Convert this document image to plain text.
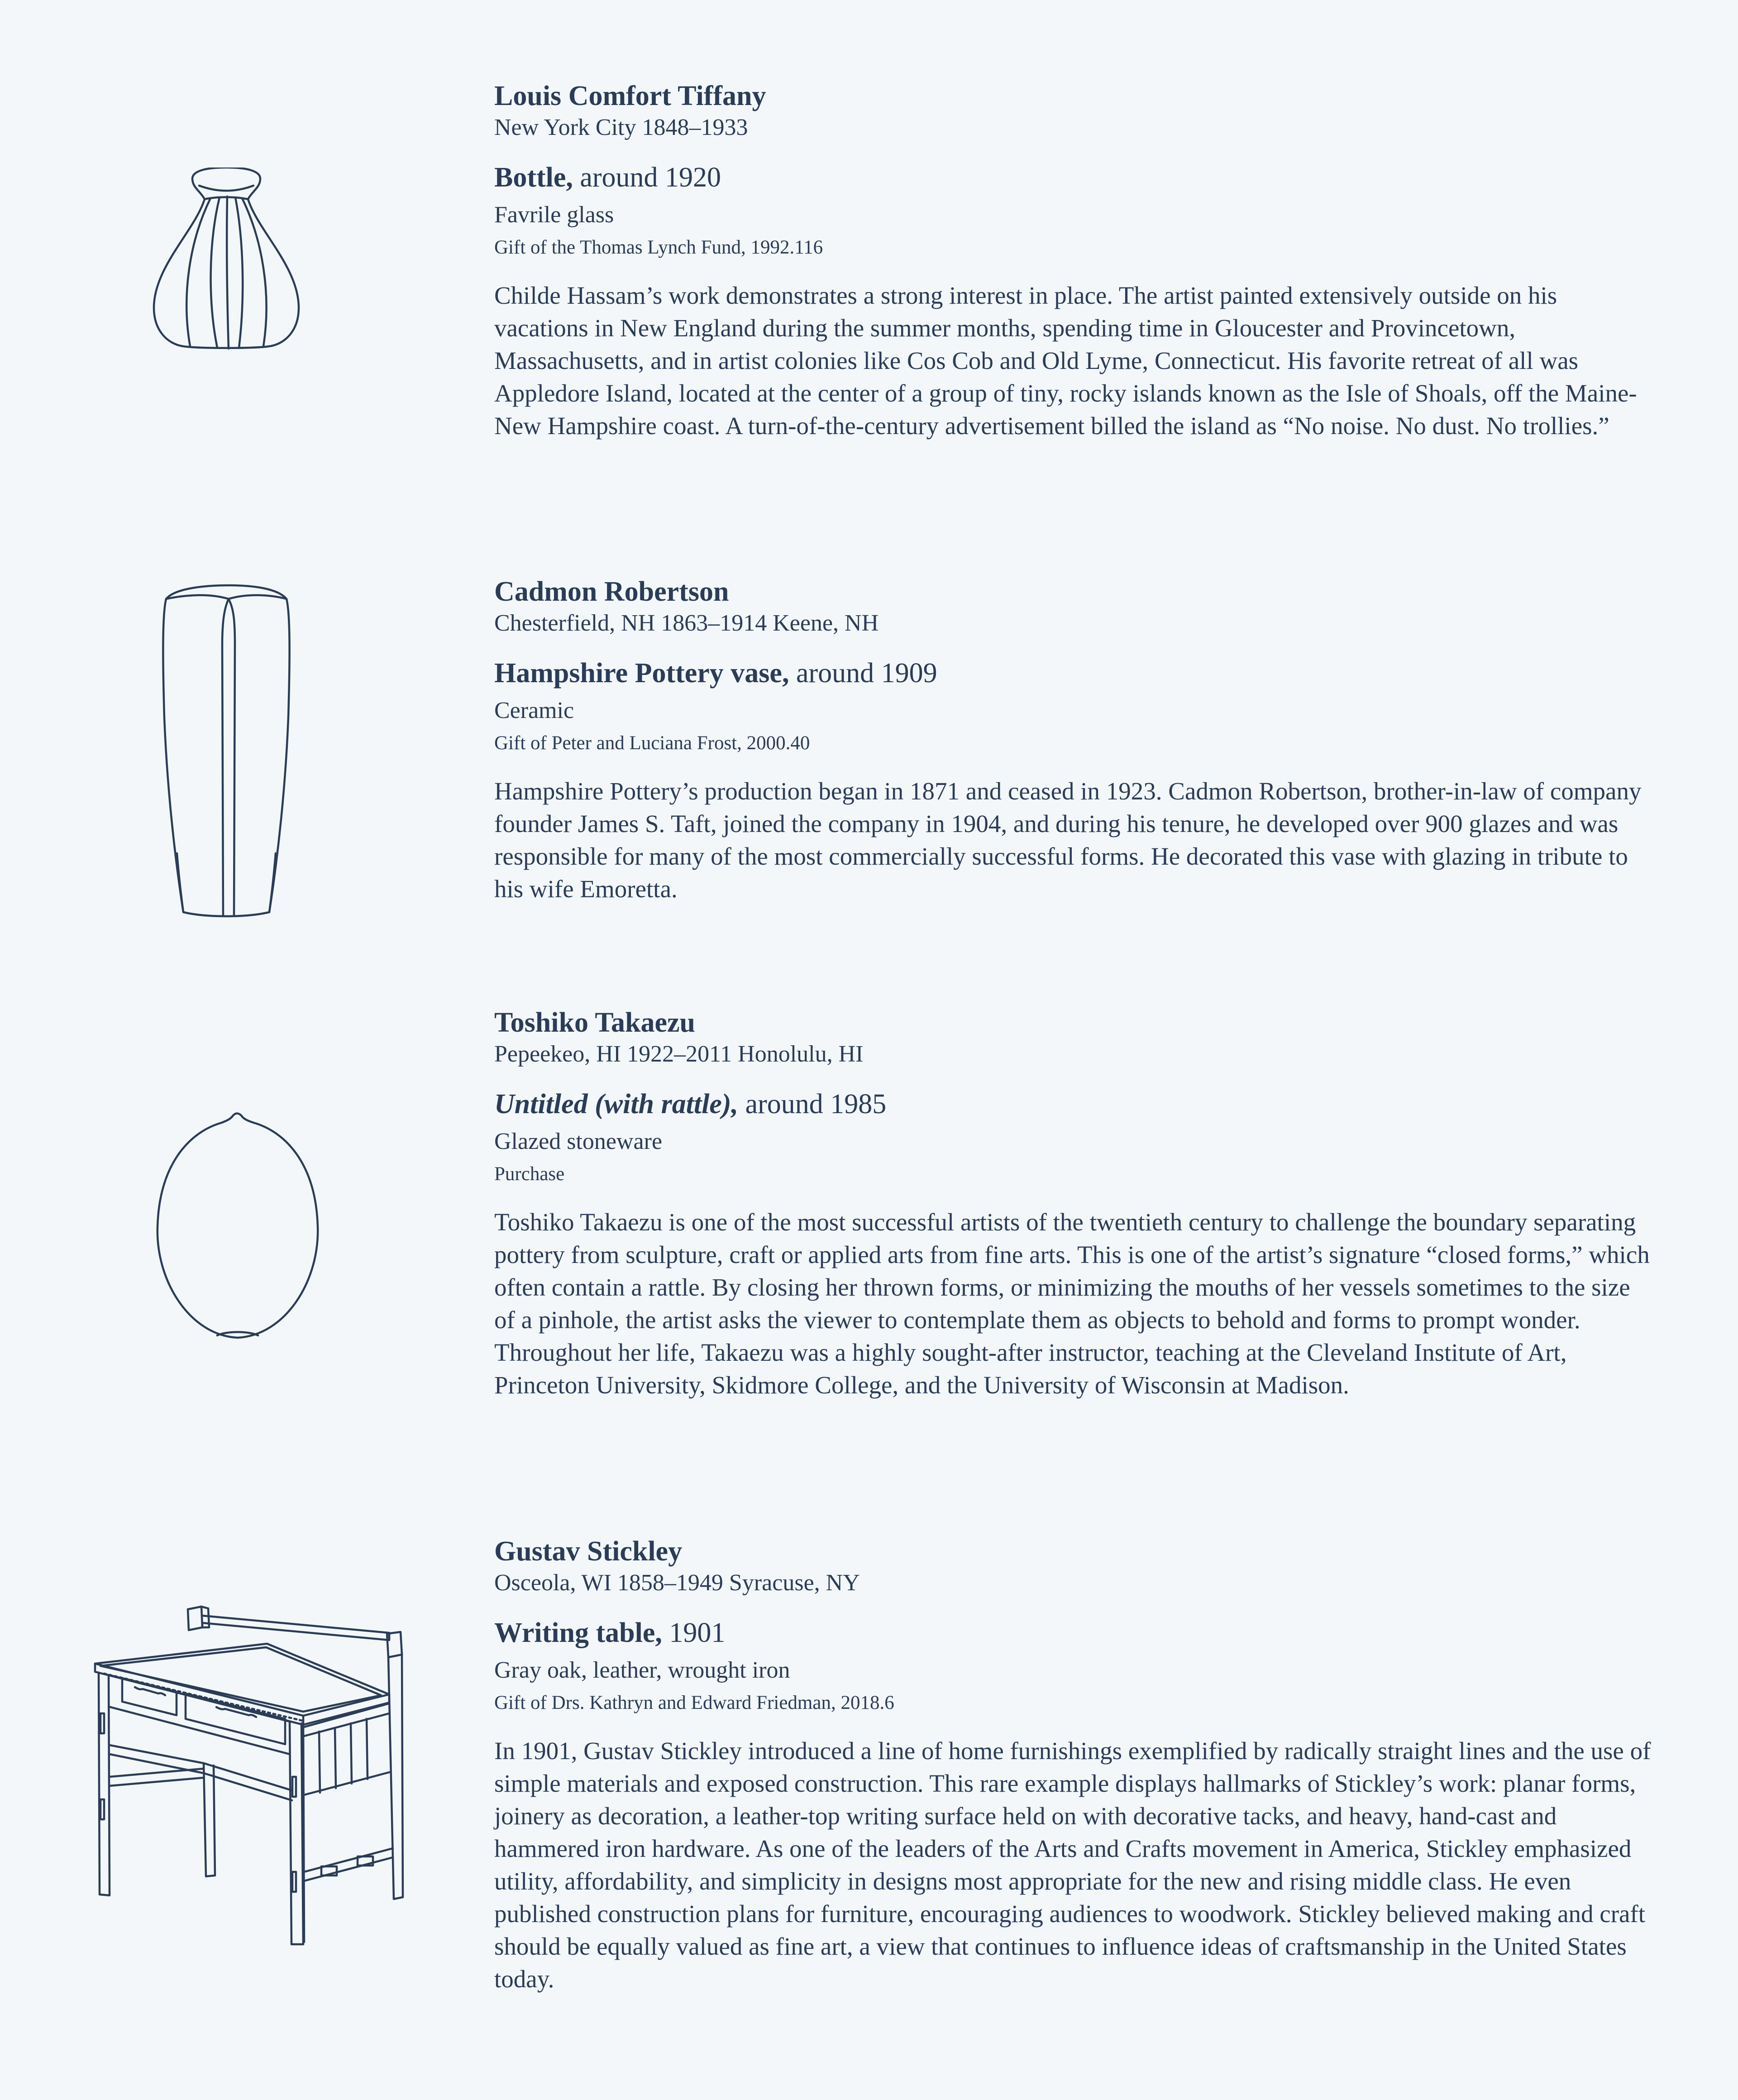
Louis Comfort Tiffany

New York City 1848–1933

Bottle, around 1920

Favrile glass

Gift of the Thomas Lynch Fund, 1992.116

Childe Hassam’s work demonstrates a strong interest in place. The artist painted extensively outside on his vacations in New England during the summer months, spending time in Gloucester and Provincetown, Massachusetts, and in artist colonies like Cos Cob and Old Lyme, Connecticut. His favorite retreat of all was Appledore Island, located at the center of a group of tiny, rocky islands known as the Isle of Shoals, off the Maine-New Hampshire coast. A turn-of-the-century advertisement billed the island as “No noise. No dust. No trollies.”

Cadmon Robertson

Chesterfield, NH 1863–1914 Keene, NH

Hampshire Pottery vase, around 1909

Ceramic

Gift of Peter and Luciana Frost, 2000.40

Hampshire Pottery’s production began in 1871 and ceased in 1923. Cadmon Robertson, brother-in-law of company founder James S. Taft, joined the company in 1904, and during his tenure, he developed over 900 glazes and was responsible for many of the most commercially successful forms. He decorated this vase with glazing in tribute to his wife Emoretta.

Toshiko Takaezu

Pepeekeo, HI 1922–2011 Honolulu, HI

Untitled (with rattle), around 1985

Glazed stoneware

Purchase

Toshiko Takaezu is one of the most successful artists of the twentieth century to challenge the boundary separating pottery from sculpture, craft or applied arts from fine arts. This is one of the artist’s signature “closed forms,” which often contain a rattle. By closing her thrown forms, or minimizing the mouths of her vessels sometimes to the size of a pinhole, the artist asks the viewer to contemplate them as objects to behold and forms to prompt wonder. Throughout her life, Takaezu was a highly sought-after instructor, teaching at the Cleveland Institute of Art, Princeton University, Skidmore College, and the University of Wisconsin at Madison.

Gustav Stickley

Osceola, WI 1858–1949 Syracuse, NY

Writing table, 1901

Gray oak, leather, wrought iron

Gift of Drs. Kathryn and Edward Friedman, 2018.6

In 1901, Gustav Stickley introduced a line of home furnishings exemplified by radically straight lines and the use of simple materials and exposed construction. This rare example displays hallmarks of Stickley’s work: planar forms, joinery as decoration, a leather-top writing surface held on with decorative tacks, and heavy, hand-cast and hammered iron hardware. As one of the leaders of the Arts and Crafts movement in America, Stickley emphasized utility, affordability, and simplicity in designs most appropriate for the new and rising middle class. He even published construction plans for furniture, encouraging audiences to woodwork. Stickley believed making and craft should be equally valued as fine art, a view that continues to influence ideas of craftsmanship in the United States today.
